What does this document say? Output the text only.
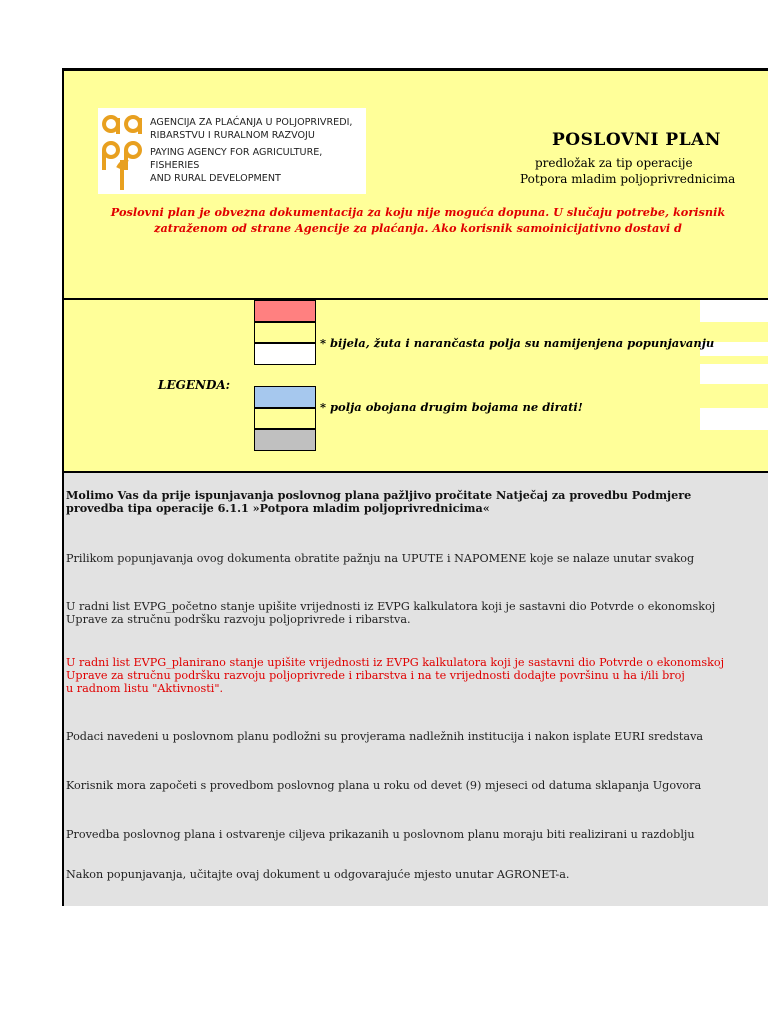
AGENCIJA ZA PLAĆANJA U POLJOPRIVREDI,
RIBARSTVU I RURALNOM RAZVOJU
PAYING AGENCY FOR AGRICULTURE, FISHERIES
AND RURAL DEVELOPMENT
POSLOVNI PLAN
predložak za tip operacije
Potpora mladim poljoprivrednicima
Poslovni plan je obvezna dokumentacija za koju nije moguća dopuna. U slučaju potrebe, korisnik
zatraženom od strane Agencije za plaćanja. Ako korisnik samoinicijativno dostavi d
LEGENDA:
* bijela, žuta i narančasta polja su namijenjena popunjavanju
* polja obojana drugim bojama ne dirati!
Molimo Vas da prije ispunjavanja poslovnog plana pažljivo pročitate Natječaj za provedbu Podmjere
provedba tipa operacije 6.1.1 »Potpora mladim poljoprivrednicima«
Prilikom popunjavanja ovog dokumenta obratite pažnju na UPUTE i NAPOMENE koje se nalaze unutar svakog
U radni list EVPG_početno stanje upišite vrijednosti iz EVPG kalkulatora koji je sastavni dio Potvrde o ekonomskoj
Uprave za stručnu podršku razvoju poljoprivrede i ribarstva.
U radni list EVPG_planirano stanje upišite vrijednosti iz EVPG kalkulatora koji je sastavni dio Potvrde o ekonomskoj
Uprave za stručnu podršku razvoju poljoprivrede i ribarstva i na te vrijednosti dodajte površinu u ha i/ili broj
u radnom listu "Aktivnosti".
Podaci navedeni u poslovnom planu podložni su provjerama nadležnih institucija i nakon isplate EURI sredstava
Korisnik mora započeti s provedbom poslovnog plana u roku od devet (9) mjeseci od datuma sklapanja Ugovora
Provedba poslovnog plana i ostvarenje ciljeva prikazanih u poslovnom planu moraju biti realizirani u razdoblju
Nakon popunjavanja, učitajte ovaj dokument u odgovarajuće mjesto unutar AGRONET-a.
